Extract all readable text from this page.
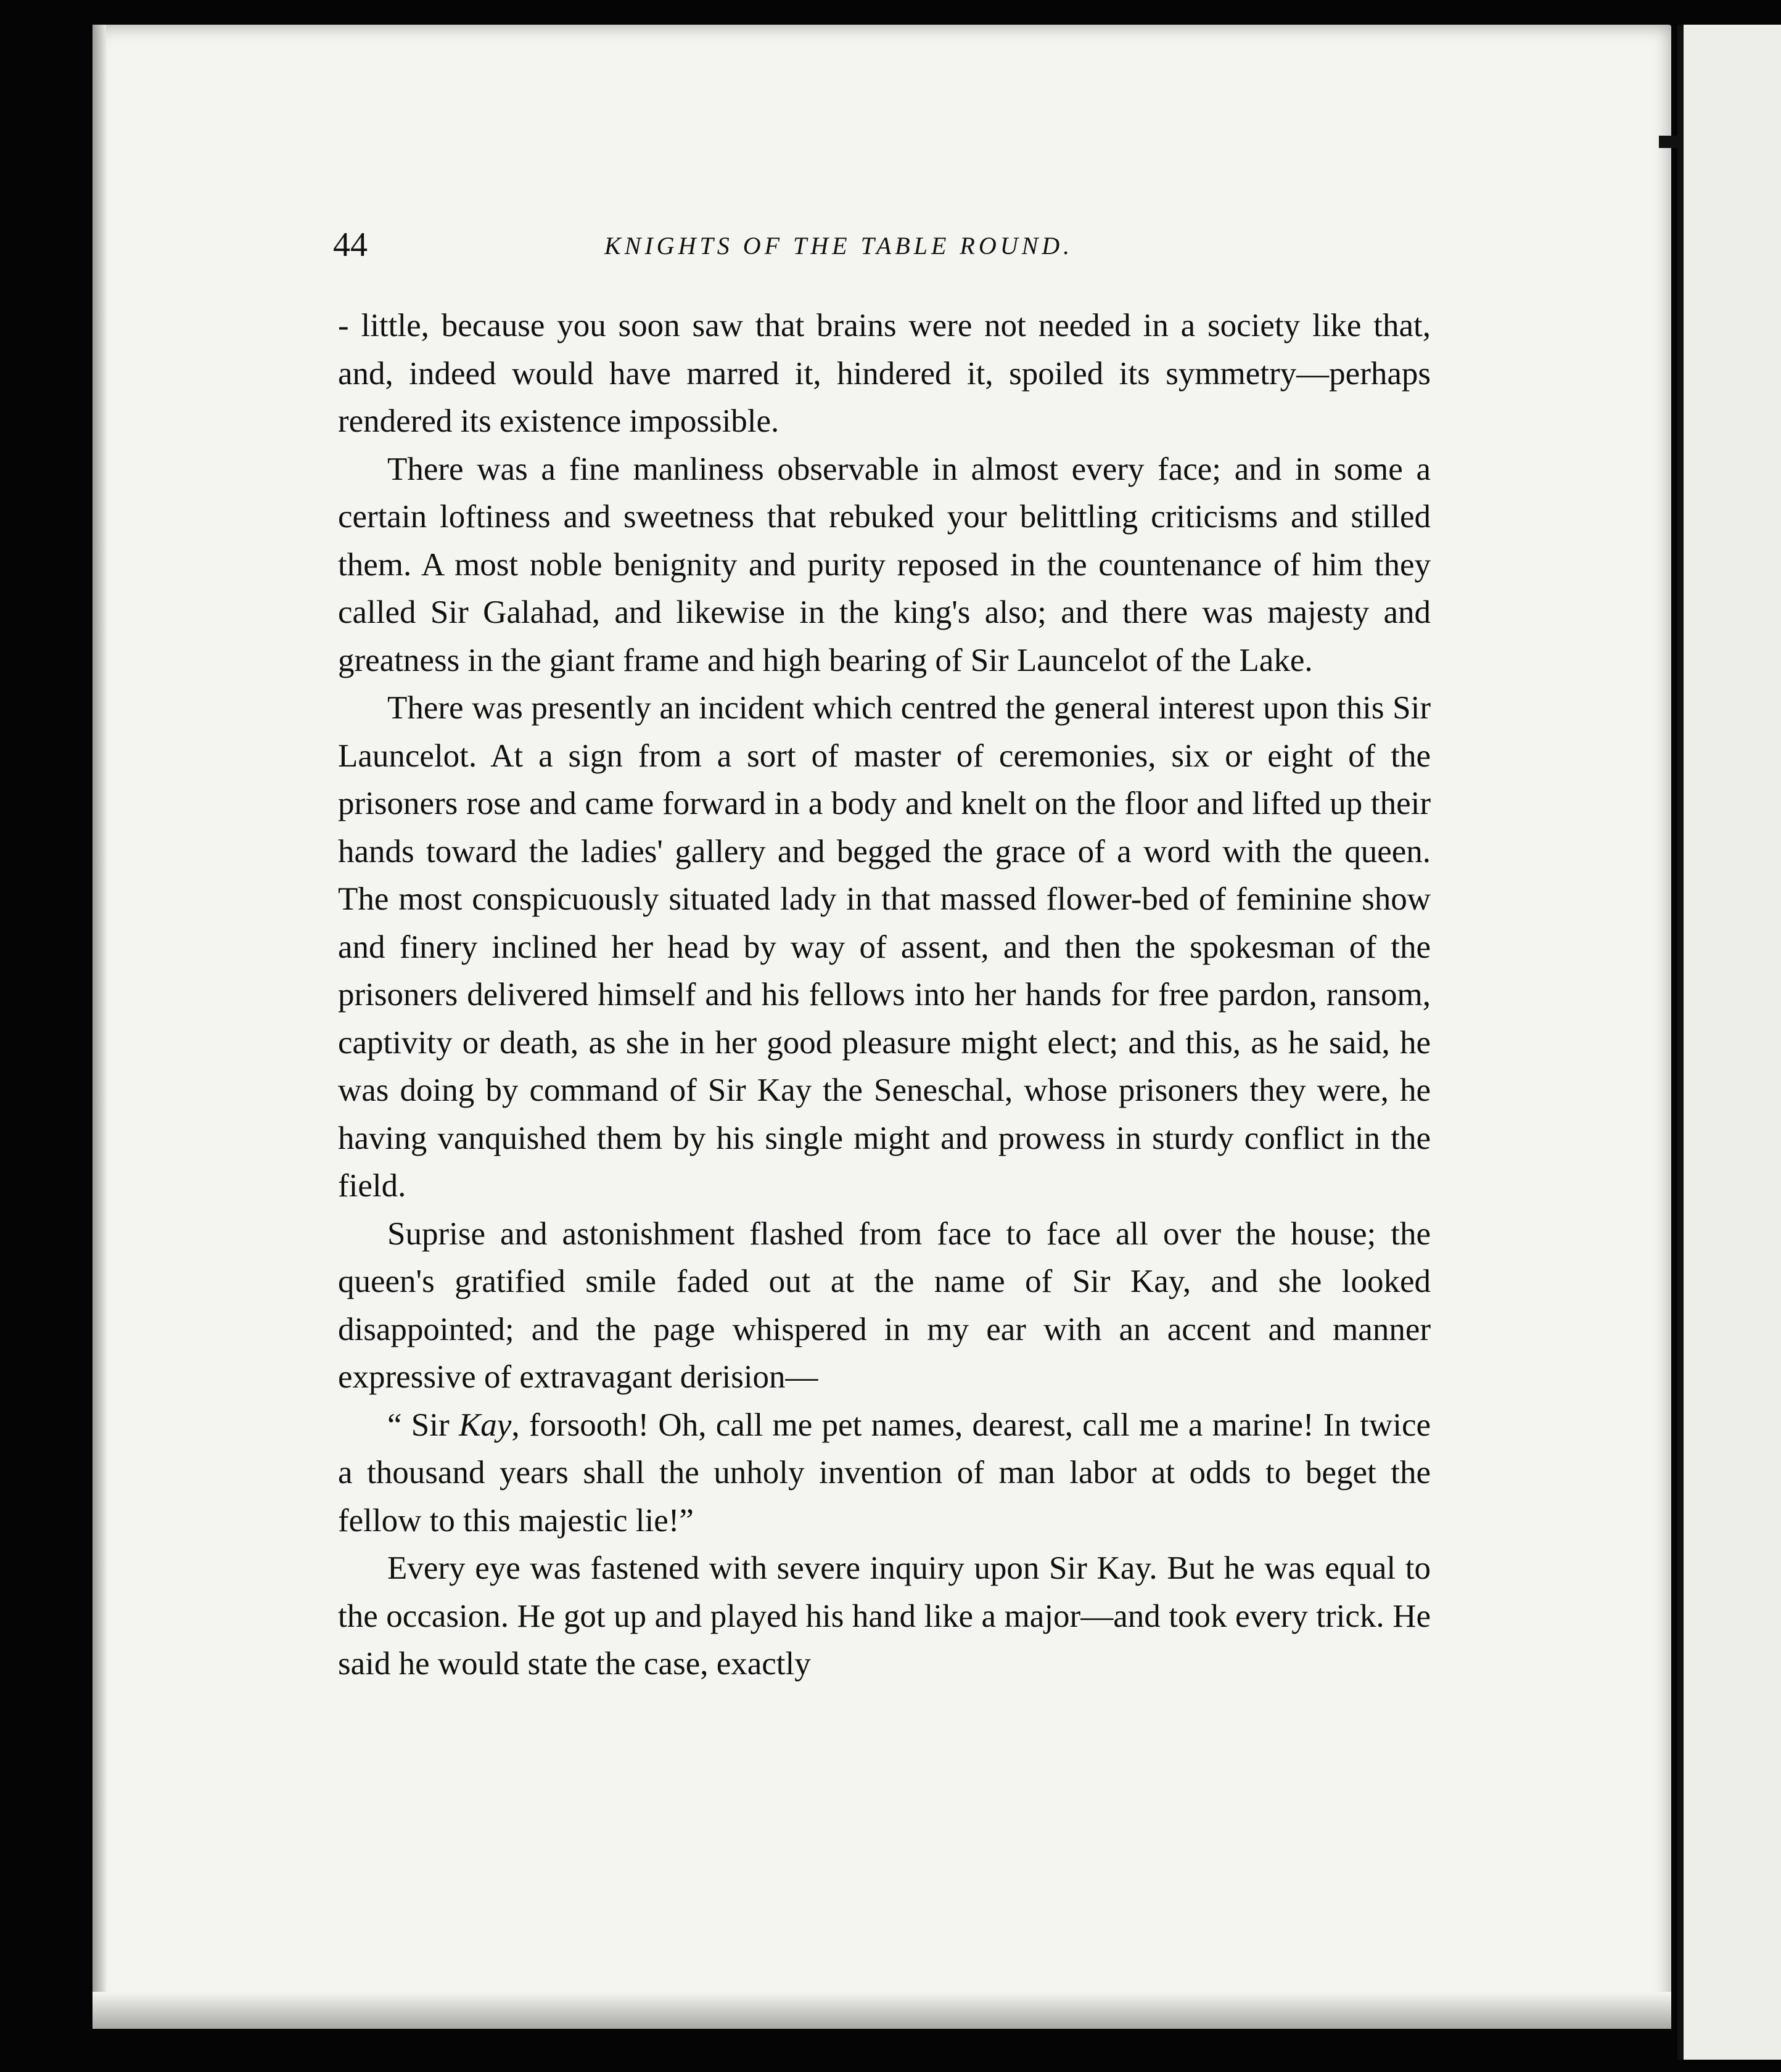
44	KNIGHTS OF THE TABLE ROUND.

- little, because you soon saw that brains were not needed in a society like that, and, indeed would have marred it, hindered it, spoiled its symmetry—perhaps rendered its existence impossible.

There was a fine manliness observable in almost every face; and in some a certain loftiness and sweetness that rebuked your belittling criticisms and stilled them. A most noble benignity and purity reposed in the countenance of him they called Sir Galahad, and likewise in the king's also; and there was majesty and greatness in the giant frame and high bearing of Sir Launcelot of the Lake.

There was presently an incident which centred the general interest upon this Sir Launcelot. At a sign from a sort of master of ceremonies, six or eight of the prisoners rose and came forward in a body and knelt on the floor and lifted up their hands toward the ladies' gallery and begged the grace of a word with the queen. The most conspicuously situated lady in that massed flower-bed of feminine show and finery inclined her head by way of assent, and then the spokesman of the prisoners delivered himself and his fellows into her hands for free pardon, ransom, captivity or death, as she in her good pleasure might elect; and this, as he said, he was doing by command of Sir Kay the Seneschal, whose prisoners they were, he having vanquished them by his single might and prowess in sturdy conflict in the field.

Suprise and astonishment flashed from face to face all over the house; the queen's gratified smile faded out at the name of Sir Kay, and she looked disappointed; and the page whispered in my ear with an accent and manner expressive of extravagant derision—

“ Sir Kay, forsooth! Oh, call me pet names, dearest, call me a marine! In twice a thousand years shall the unholy invention of man labor at odds to beget the fellow to this majestic lie!”

Every eye was fastened with severe inquiry upon Sir Kay. But he was equal to the occasion. He got up and played his hand like a major—and took every trick. He said he would state the case, exactly
